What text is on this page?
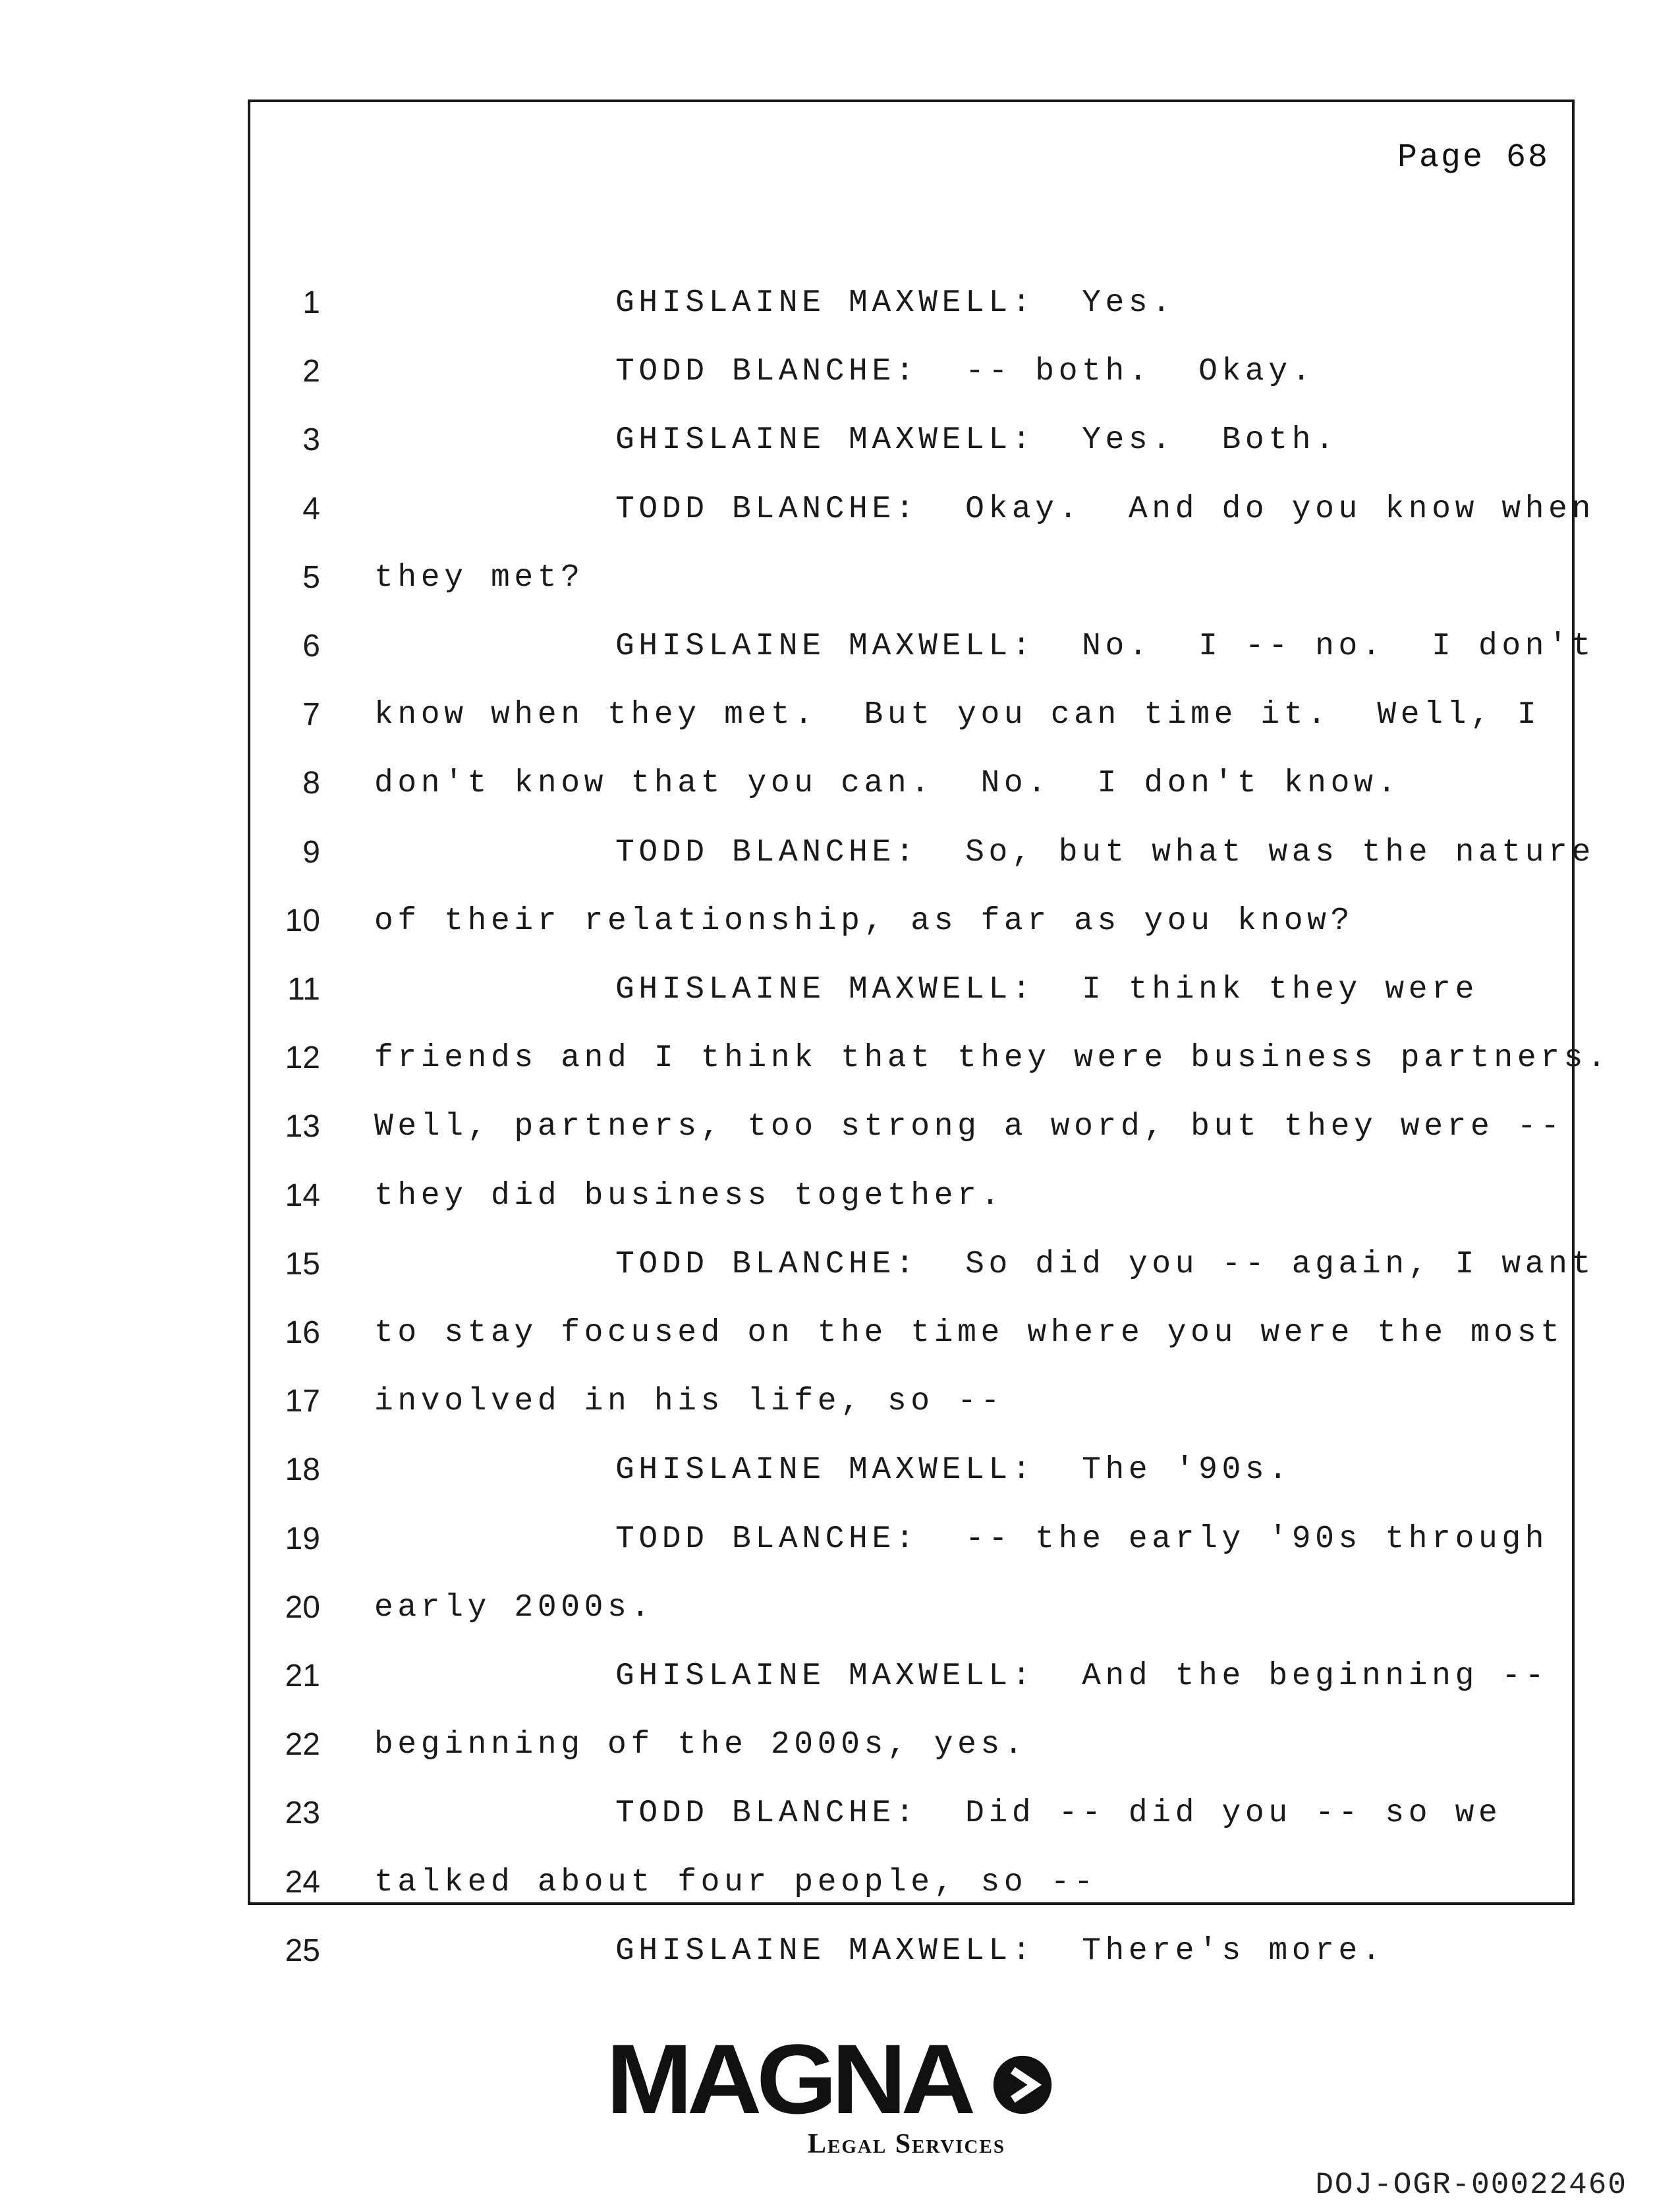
Page 68
1	GHISLAINE MAXWELL:  Yes.
2	TODD BLANCHE:  -- both.  Okay.
3	GHISLAINE MAXWELL:  Yes.  Both.
4	TODD BLANCHE:  Okay.  And do you know when
5 they met?
6	GHISLAINE MAXWELL:  No.  I -- no.  I don't
7 know when they met.  But you can time it.  Well, I
8 don't know that you can.  No.  I don't know.
9	TODD BLANCHE:  So, but what was the nature
10 of their relationship, as far as you know?
11	GHISLAINE MAXWELL:  I think they were
12 friends and I think that they were business partners.
13 Well, partners, too strong a word, but they were --
14 they did business together.
15	TODD BLANCHE:  So did you -- again, I want
16 to stay focused on the time where you were the most
17 involved in his life, so --
18	GHISLAINE MAXWELL:  The '90s.
19	TODD BLANCHE:  -- the early '90s through
20 early 2000s.
21	GHISLAINE MAXWELL:  And the beginning --
22 beginning of the 2000s, yes.
23	TODD BLANCHE:  Did -- did you -- so we
24 talked about four people, so --
25	GHISLAINE MAXWELL:  There's more.
MAGNA
Legal Services
DOJ-OGR-00022460
